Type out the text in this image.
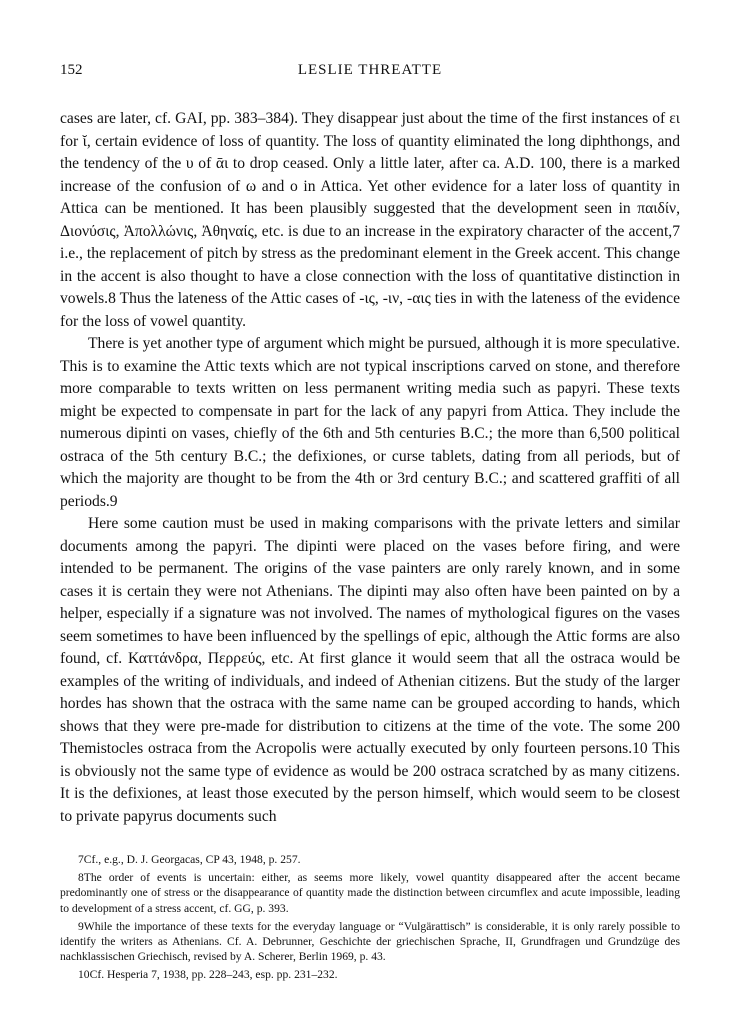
152	LESLIE THREATTE

cases are later, cf. GAI, pp. 383–384). They disappear just about the time of the first instances of ει for ῐ, certain evidence of loss of quantity. The loss of quantity eliminated the long diphthongs, and the tendency of the υ of ᾱι to drop ceased. Only a little later, after ca. A.D. 100, there is a marked increase of the confusion of ω and ο in Attica. Yet other evidence for a later loss of quantity in Attica can be mentioned. It has been plausibly suggested that the development seen in παιδίν, Διονύσις, Ἀπολλώνις, Ἀθηναίς, etc. is due to an increase in the expiratory character of the accent,7 i.e., the replacement of pitch by stress as the predominant element in the Greek accent. This change in the accent is also thought to have a close connection with the loss of quantitative distinction in vowels.8 Thus the lateness of the Attic cases of -ις, -ιν, -αις ties in with the lateness of the evidence for the loss of vowel quantity.

There is yet another type of argument which might be pursued, although it is more speculative. This is to examine the Attic texts which are not typical inscriptions carved on stone, and therefore more comparable to texts written on less permanent writing media such as papyri. These texts might be expected to compensate in part for the lack of any papyri from Attica. They include the numerous dipinti on vases, chiefly of the 6th and 5th centuries B.C.; the more than 6,500 political ostraca of the 5th century B.C.; the defixiones, or curse tablets, dating from all periods, but of which the majority are thought to be from the 4th or 3rd century B.C.; and scattered graffiti of all periods.9

Here some caution must be used in making comparisons with the private letters and similar documents among the papyri. The dipinti were placed on the vases before firing, and were intended to be permanent. The origins of the vase painters are only rarely known, and in some cases it is certain they were not Athenians. The dipinti may also often have been painted on by a helper, especially if a signature was not involved. The names of mythological figures on the vases seem sometimes to have been influenced by the spellings of epic, although the Attic forms are also found, cf. Καττάνδρα, Περρεύς, etc. At first glance it would seem that all the ostraca would be examples of the writing of individuals, and indeed of Athenian citizens. But the study of the larger hordes has shown that the ostraca with the same name can be grouped according to hands, which shows that they were pre-made for distribution to citizens at the time of the vote. The some 200 Themistocles ostraca from the Acropolis were actually executed by only fourteen persons.10 This is obviously not the same type of evidence as would be 200 ostraca scratched by as many citizens. It is the defixiones, at least those executed by the person himself, which would seem to be closest to private papyrus documents such

7Cf., e.g., D. J. Georgacas, CP 43, 1948, p. 257.

8The order of events is uncertain: either, as seems more likely, vowel quantity disappeared after the accent became predominantly one of stress or the disappearance of quantity made the distinction between circumflex and acute impossible, leading to development of a stress accent, cf. GG, p. 393.

9While the importance of these texts for the everyday language or “Vulgärattisch” is considerable, it is only rarely possible to identify the writers as Athenians. Cf. A. Debrunner, Geschichte der griechischen Sprache, II, Grundfragen und Grundzüge des nachklassischen Griechisch, revised by A. Scherer, Berlin 1969, p. 43.

10Cf. Hesperia 7, 1938, pp. 228–243, esp. pp. 231–232.
